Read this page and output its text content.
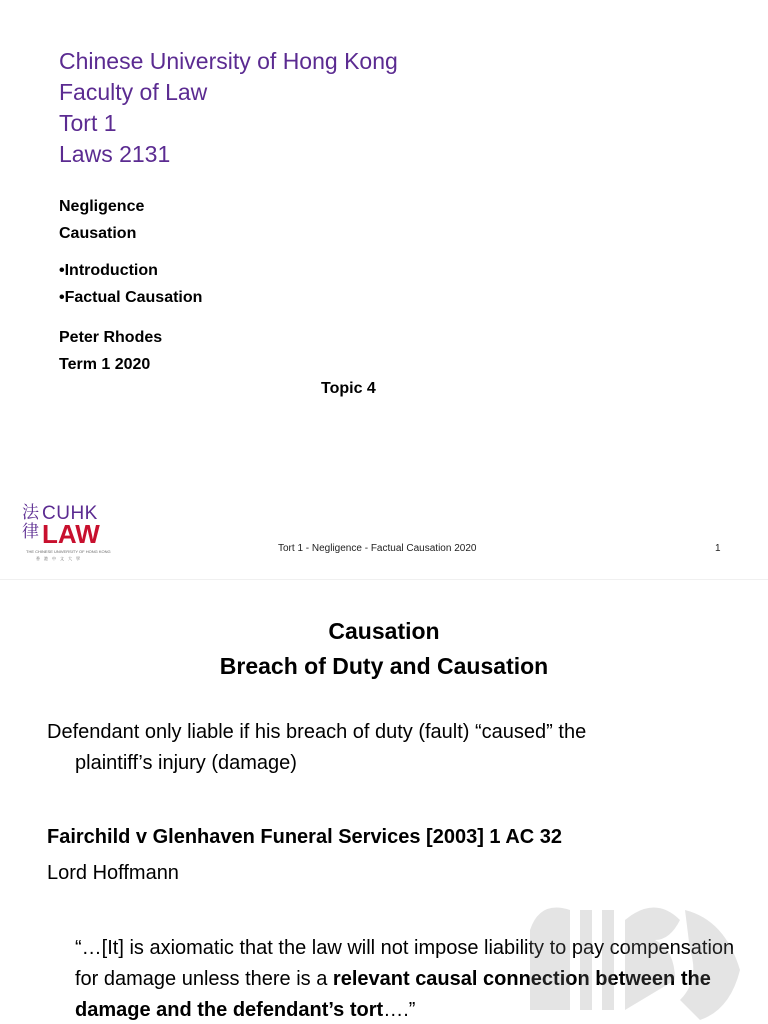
Chinese University of Hong Kong
Faculty of Law
Tort 1
Laws 2131
Negligence
Causation
•Introduction
•Factual Causation
Peter Rhodes
Term 1 2020
Topic 4
法
律
CUHK
LAW
THE CHINESE UNIVERSITY OF HONG KONG
香港中文大學
Tort 1 - Negligence - Factual Causation 2020	1
Causation
Breach of Duty and Causation
Defendant only liable if his breach of duty (fault) “caused” the
plaintiff’s injury (damage)
Fairchild v Glenhaven Funeral Services [2003] 1 AC 32
Lord Hoffmann
“…[It] is axiomatic that the law will not impose liability to pay compensation for damage unless there is a relevant causal connection between the damage and the defendant’s tort….”
